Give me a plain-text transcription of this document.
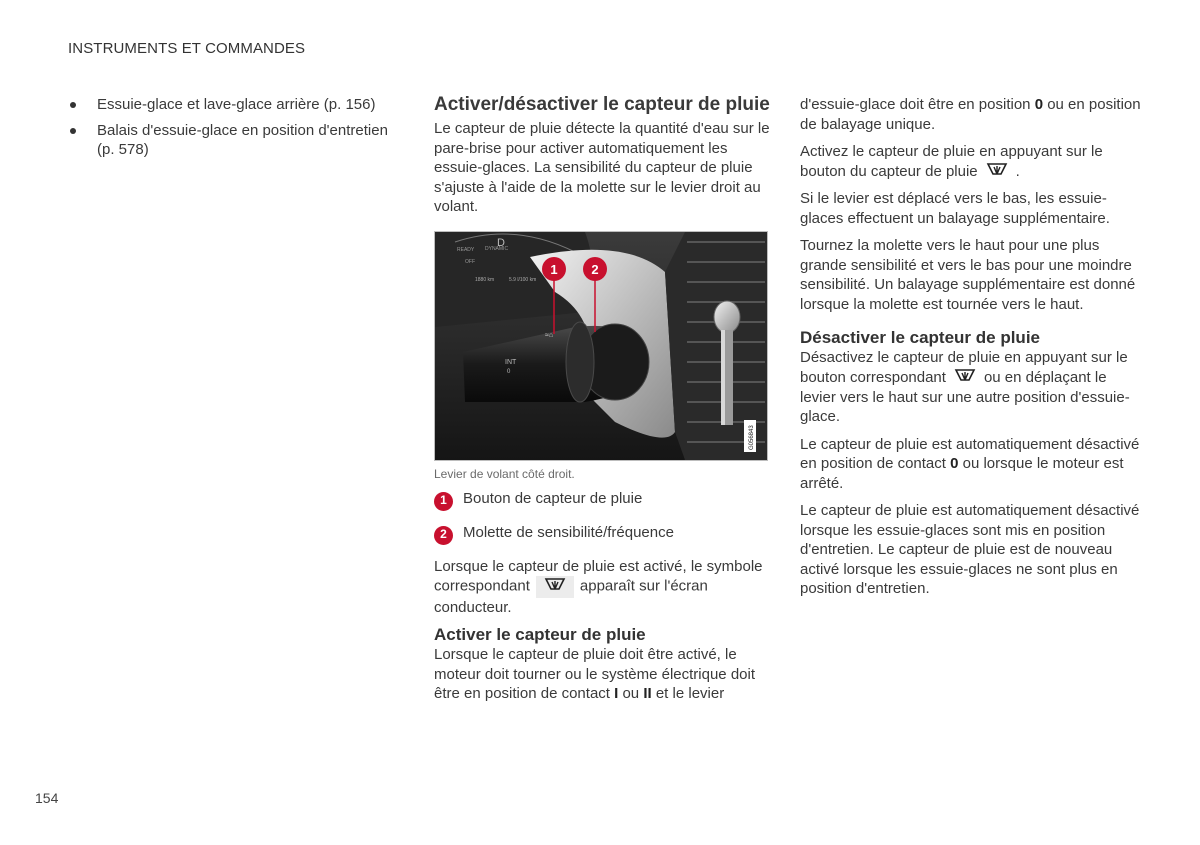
INSTRUMENTS ET COMMANDES
Essuie-glace et lave-glace arrière (p. 156)
Balais d'essuie-glace en position d'entretien (p. 578)
Activer/désactiver le capteur de pluie

Le capteur de pluie détecte la quantité d'eau sur le pare-brise pour activer automatiquement les essuie-glaces. La sensibilité du capteur de pluie s'ajuste à l'aide de la molette sur le levier droit au volant.

D
READY DYNAMIC
OFF
1880 km	5.9 l/100 km
INT
0
≈⌂
1	2
G056843
Levier de volant côté droit.
1	Bouton de capteur de pluie
2	Molette de sensibilité/fréquence

Lorsque le capteur de pluie est activé, le symbole correspondant	apparaît sur l'écran conducteur.

Activer le capteur de pluie

Lorsque le capteur de pluie doit être activé, le moteur doit tourner ou le système électrique doit être en position de contact I ou II et le levier

d'essuie-glace doit être en position 0 ou en position de balayage unique.

Activez le capteur de pluie en appuyant sur le bouton du capteur de pluie	.

Si le levier est déplacé vers le bas, les essuie-glaces effectuent un balayage supplémentaire.

Tournez la molette vers le haut pour une plus grande sensibilité et vers le bas pour une moindre sensibilité. Un balayage supplémentaire est donné lorsque la molette est tournée vers le haut.

Désactiver le capteur de pluie

Désactivez le capteur de pluie en appuyant sur le bouton correspondant	ou en déplaçant le levier vers le haut sur une autre position d'essuie-glace.

Le capteur de pluie est automatiquement désactivé en position de contact 0 ou lorsque le moteur est arrêté.

Le capteur de pluie est automatiquement désactivé lorsque les essuie-glaces sont mis en position d'entretien. Le capteur de pluie est de nouveau activé lorsque les essuie-glaces ne sont plus en position d'entretien.

154
